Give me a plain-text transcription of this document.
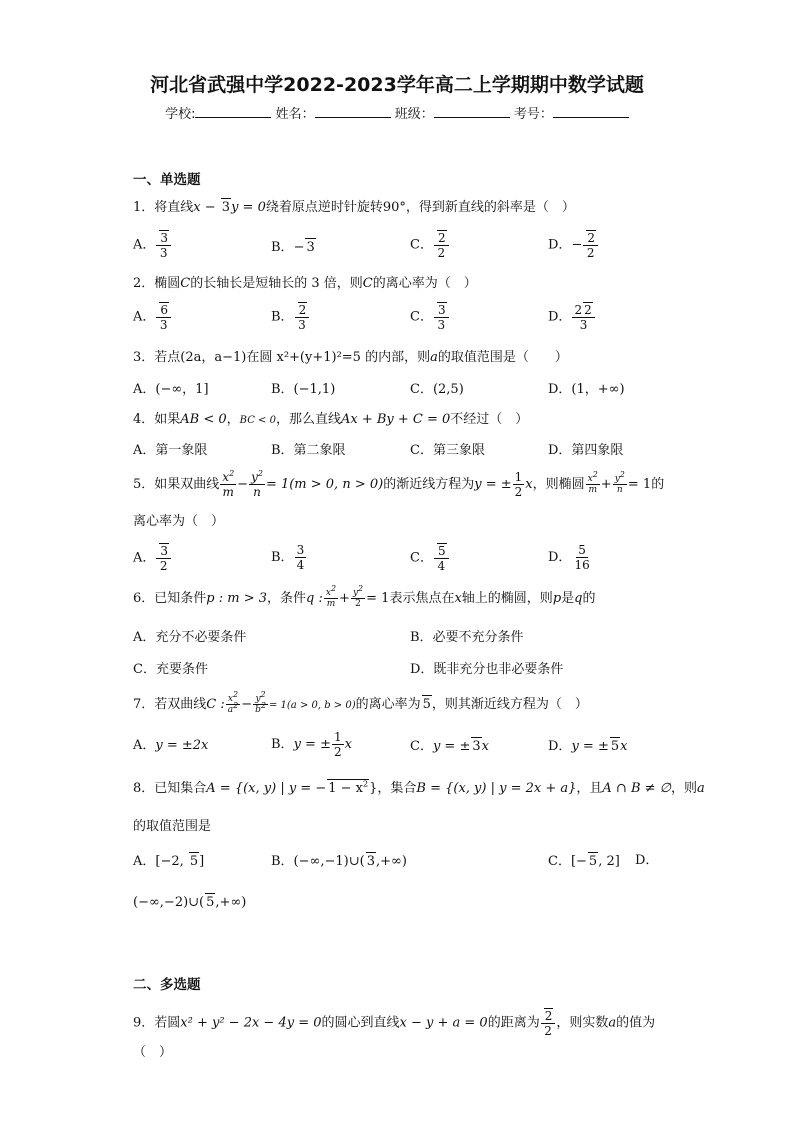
河北省武强中学2022-2023学年高二上学期期中数学试题
学校:	姓名：	班级：	考号：
一、单选题
1．将直线x − 3y = 0绕着原点逆时针旋转90°，得到新直线的斜率是（　）
A． $\frac{3}{3}$	B．− 3	C． $\frac{2}{2}$	D．− $\frac{2}{2}$
2．椭圆C的长轴长是短轴长的 3 倍，则C的离心率为（　）
A． $\frac{6}{3}$	B． $\frac{2}{3}$	C． $\frac{3}{3}$	D． $\frac{2 2}{3}$
3．若点(2a，a−1)在圆 x²+(y+1)²=5 的内部，则a的取值范围是（　　）
A．(−∞，1]	B．(−1,1)	C．(2,5)	D．(1，+∞)
4．如果AB < 0，BC < 0，那么直线Ax + By + C = 0不经过（　）
A．第一象限	B．第二象限	C．第三象限	D．第四象限
5．如果双曲线 $\frac{x^2}{m} - \frac{y^2}{n} = 1(m > 0$, n > 0)的渐近线方程为y = ± $\frac{1}{2}$ x，则椭圆 $\frac{x^2}{m} + \frac{y^2}{n} = 1$的
离心率为（　）
A． $\frac{3}{2}$	B． $\frac{3}{4}$	C． $\frac{5}{4}$	D． $\frac{5}{16}$
6．已知条件p : m > 3，条件q : $\frac{x^2}{m} + \frac{y^2}{2} = 1$表示焦点在x轴上的椭圆，则p是q的
A．充分不必要条件	B．必要不充分条件
C．充要条件	D．既非充分也非必要条件
7．若双曲线C : $\frac{x^2}{a^2} - \frac{y^2}{b^2} = 1(a > 0$, b > 0)的离心率为 5，则其渐近线方程为（　）
A．y = ±2x	B．y = ± $\frac{1}{2}$ x	C．y = ± 3x	D．y = ± 5x
8．已知集合A = {(x, y) | y = − $1 - x^2$}，集合B = {(x, y) | y = 2x + a}，且A ∩ B ≠ ∅，则a
的取值范围是
A．[−2, 5]	B．(−∞,−1)∪( 3,+∞)	C．[− 5, 2] D．
(−∞,−2)∪( 5,+∞)
二、多选题
9．若圆x² + y² − 2x − 4y = 0的圆心到直线x − y + a = 0的距离为 $\frac{2}{2}$ ，则实数a的值为
（　）
